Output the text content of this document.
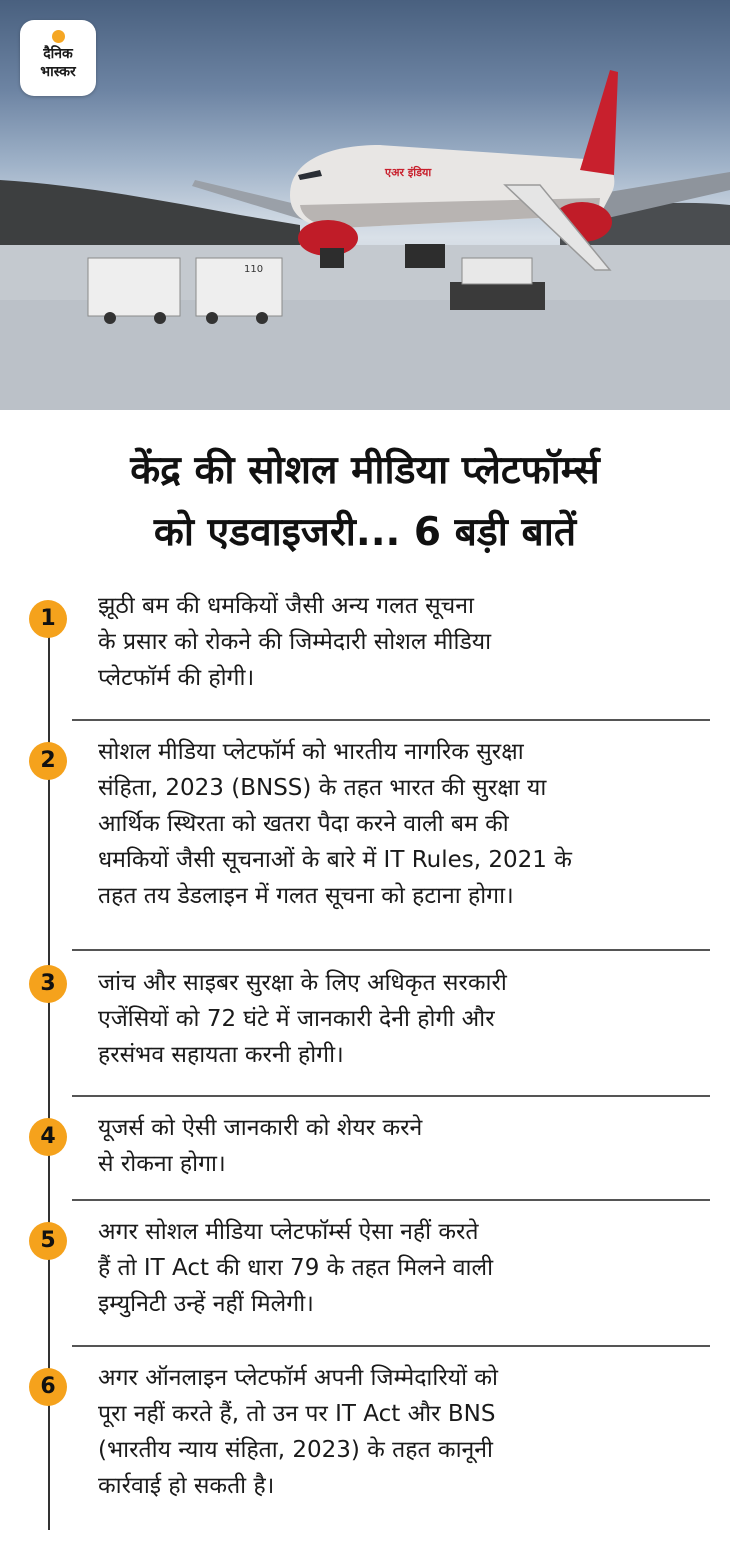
एअर इंडिया
110
दैनिक
भास्कर
केंद्र की सोशल मीडिया प्लेटफॉर्म्स
को एडवाइजरी... 6 बड़ी बातें
1	झूठी बम की धमकियों जैसी अन्य गलत सूचना
के प्रसार को रोकने की जिम्मेदारी सोशल मीडिया
प्लेटफॉर्म की होगी।
2	सोशल मीडिया प्लेटफॉर्म को भारतीय नागरिक सुरक्षा
संहिता, 2023 (BNSS) के तहत भारत की सुरक्षा या
आर्थिक स्थिरता को खतरा पैदा करने वाली बम की
धमकियों जैसी सूचनाओं के बारे में IT Rules, 2021 के
तहत तय डेडलाइन में गलत सूचना को हटाना होगा।
3	जांच और साइबर सुरक्षा के लिए अधिकृत सरकारी
एजेंसियों को 72 घंटे में जानकारी देनी होगी और
हरसंभव सहायता करनी होगी।
4	यूजर्स को ऐसी जानकारी को शेयर करने
से रोकना होगा।
5	अगर सोशल मीडिया प्लेटफॉर्म्स ऐसा नहीं करते
हैं तो IT Act की धारा 79 के तहत मिलने वाली
इम्युनिटी उन्हें नहीं मिलेगी।
6	अगर ऑनलाइन प्लेटफॉर्म अपनी जिम्मेदारियों को
पूरा नहीं करते हैं, तो उन पर IT Act और BNS
(भारतीय न्याय संहिता, 2023) के तहत कानूनी
कार्रवाई हो सकती है।
